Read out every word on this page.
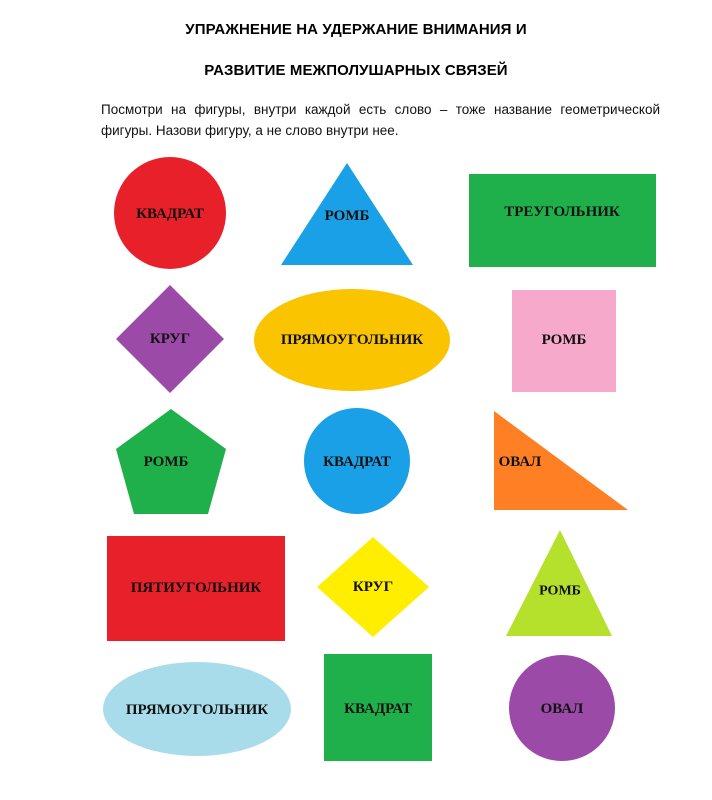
УПРАЖНЕНИЕ НА УДЕРЖАНИЕ ВНИМАНИЯ И
РАЗВИТИЕ МЕЖПОЛУШАРНЫХ СВЯЗЕЙ
Посмотри на фигуры, внутри каждой есть слово – тоже название геометрической фигуры. Назови фигуру, а не слово внутри нее.
КВАДРАТ	РОМБ	ТРЕУГОЛЬНИК
КРУГ	ПРЯМОУГОЛЬНИК	РОМБ
РОМБ	КВАДРАТ	ОВАЛ
ПЯТИУГОЛЬНИК	КРУГ	РОМБ
ПРЯМОУГОЛЬНИК	КВАДРАТ	ОВАЛ
